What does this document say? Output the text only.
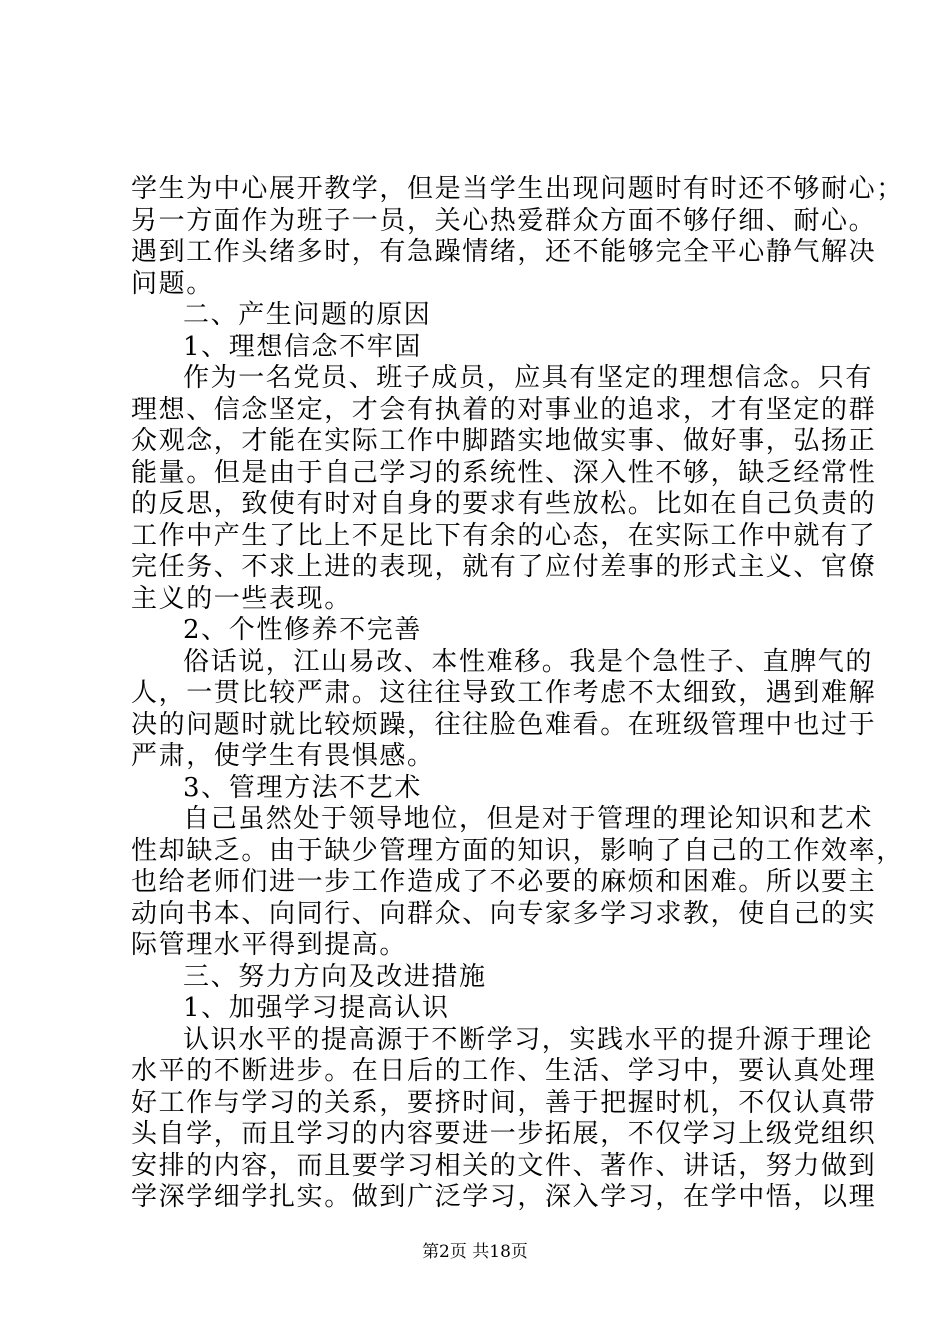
学生为中心展开教学，但是当学生出现问题时有时还不够耐心；
另一方面作为班子一员，关心热爱群众方面不够仔细、耐心。
遇到工作头绪多时，有急躁情绪，还不能够完全平心静气解决
问题。
二、产生问题的原因
1、理想信念不牢固
作为一名党员、班子成员，应具有坚定的理想信念。只有
理想、信念坚定，才会有执着的对事业的追求，才有坚定的群
众观念，才能在实际工作中脚踏实地做实事、做好事，弘扬正
能量。但是由于自己学习的系统性、深入性不够，缺乏经常性
的反思，致使有时对自身的要求有些放松。比如在自己负责的
工作中产生了比上不足比下有余的心态，在实际工作中就有了
完任务、不求上进的表现，就有了应付差事的形式主义、官僚
主义的一些表现。
2、个性修养不完善
俗话说，江山易改、本性难移。我是个急性子、直脾气的
人，一贯比较严肃。这往往导致工作考虑不太细致，遇到难解
决的问题时就比较烦躁，往往脸色难看。在班级管理中也过于
严肃，使学生有畏惧感。
3、管理方法不艺术
自己虽然处于领导地位，但是对于管理的理论知识和艺术
性却缺乏。由于缺少管理方面的知识，影响了自己的工作效率，
也给老师们进一步工作造成了不必要的麻烦和困难。所以要主
动向书本、向同行、向群众、向专家多学习求教，使自己的实
际管理水平得到提高。
三、努力方向及改进措施
1、加强学习提高认识
认识水平的提高源于不断学习，实践水平的提升源于理论
水平的不断进步。在日后的工作、生活、学习中，要认真处理
好工作与学习的关系，要挤时间，善于把握时机，不仅认真带
头自学，而且学习的内容要进一步拓展，不仅学习上级党组织
安排的内容，而且要学习相关的文件、著作、讲话，努力做到
学深学细学扎实。做到广泛学习，深入学习，在学中悟，以理
第2页 共18页
